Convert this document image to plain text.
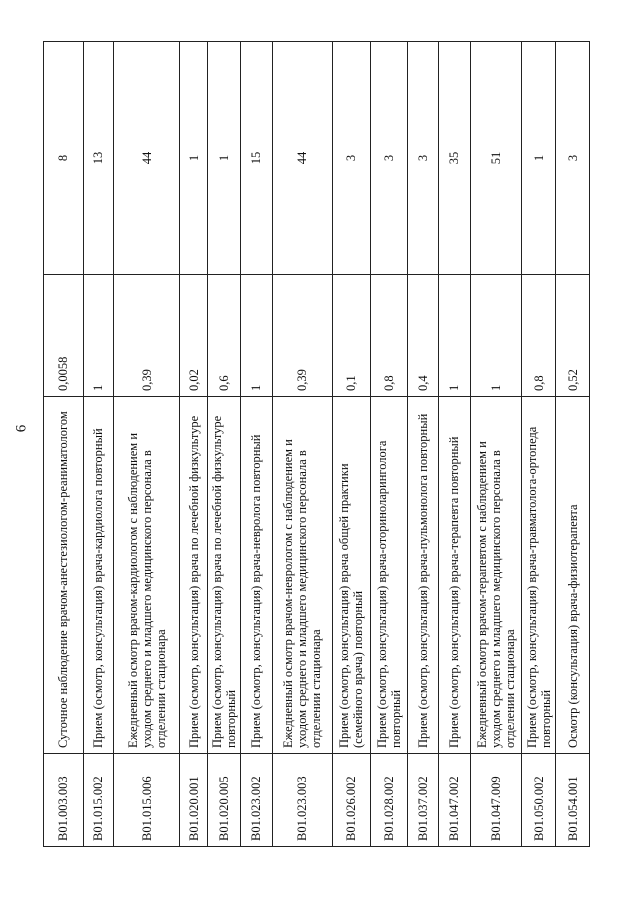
6
B01.003.003	Суточное наблюдение врачом-анестезиологом-реаниматологом	0,0058	8
B01.015.002	Прием (осмотр, консультация) врача-кардиолога повторный	1	13
B01.015.006	Ежедневный осмотр врачом-кардиологом с наблюдением и уходом среднего и младшего медицинского персонала в отделении стационара	0,39	44
B01.020.001	Прием (осмотр, консультация) врача по лечебной физкультуре	0,02	1
B01.020.005	Прием (осмотр, консультация) врача по лечебной физкультуре повторный	0,6	1
B01.023.002	Прием (осмотр, консультация) врача-невролога повторный	1	15
B01.023.003	Ежедневный осмотр врачом-неврологом с наблюдением и уходом среднего и младшего медицинского персонала в отделении стационара	0,39	44
B01.026.002	Прием (осмотр, консультация) врача общей практики (семейного врача) повторный	0,1	3
B01.028.002	Прием (осмотр, консультация) врача-оториноларинголога повторный	0,8	3
B01.037.002	Прием (осмотр, консультация) врача-пульмонолога повторный	0,4	3
B01.047.002	Прием (осмотр, консультация) врача-терапевта повторный	1	35
B01.047.009	Ежедневный осмотр врачом-терапевтом с наблюдением и уходом среднего и младшего медицинского персонала в отделении стационара	1	51
B01.050.002	Прием (осмотр, консультация) врача-травматолога-ортопеда повторный	0,8	1
B01.054.001	Осмотр (консультация) врача-физиотерапевта	0,52	3
